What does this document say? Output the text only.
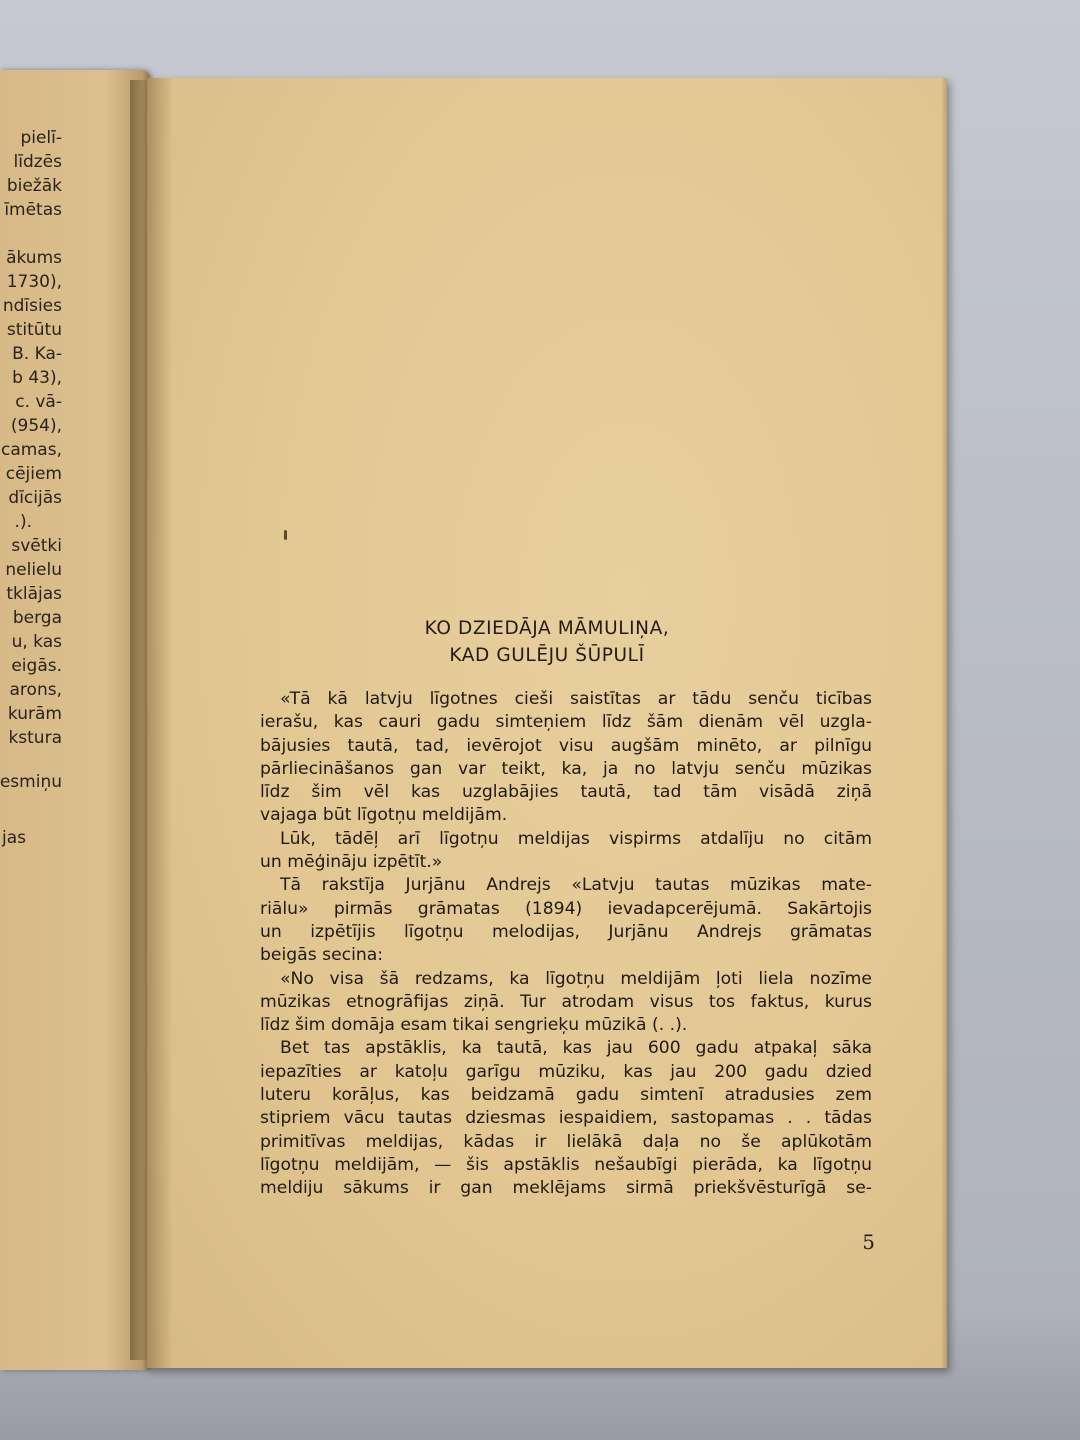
pielī-
līdzēs
biežāk
īmētas
ākums
1730),
ndīsies
stitūtu
B. Ka-
b 43),
c. vā-
(954),
camas,
cējiem
dīcijās
.).
svētki
nelielu
tklājas
berga
u, kas
eigās.
arons,
kurām
kstura
esmiņu
jas
KO DZIEDĀJA MĀMULIŅA,
KAD GULĒJU ŠŪPULĪ
«Tā kā latvju līgotnes cieši saistītas ar tādu senču ticības
ierašu, kas cauri gadu simteņiem līdz šām dienām vēl uzgla-
bājusies tautā, tad, ievērojot visu augšām minēto, ar pilnīgu
pārliecināšanos gan var teikt, ka, ja no latvju senču mūzikas
līdz šim vēl kas uzglabājies tautā, tad tām visādā ziņā
vajaga būt līgotņu meldijām.
Lūk, tādēļ arī līgotņu meldijas vispirms atdalīju no citām
un mēģināju izpētīt.»
Tā rakstīja Jurjānu Andrejs «Latvju tautas mūzikas mate-
riālu» pirmās grāmatas (1894) ievadapcerējumā. Sakārtojis
un izpētījis līgotņu melodijas, Jurjānu Andrejs grāmatas
beigās secina:
«No visa šā redzams, ka līgotņu meldijām ļoti liela nozīme
mūzikas etnogrāfijas ziņā. Tur atrodam visus tos faktus, kurus
līdz šim domāja esam tikai sengrieķu mūzikā (. .).
Bet tas apstāklis, ka tautā, kas jau 600 gadu atpakaļ sāka
iepazīties ar katoļu garīgu mūziku, kas jau 200 gadu dzied
luteru korāļus, kas beidzamā gadu simtenī atradusies zem
stipriem vācu tautas dziesmas iespaidiem, sastopamas . . tādas
primitīvas meldijas, kādas ir lielākā daļa no še aplūkotām
līgotņu meldijām, — šis apstāklis nešaubīgi pierāda, ka līgotņu
meldiju sākums ir gan meklējams sirmā priekšvēsturīgā se-
5
